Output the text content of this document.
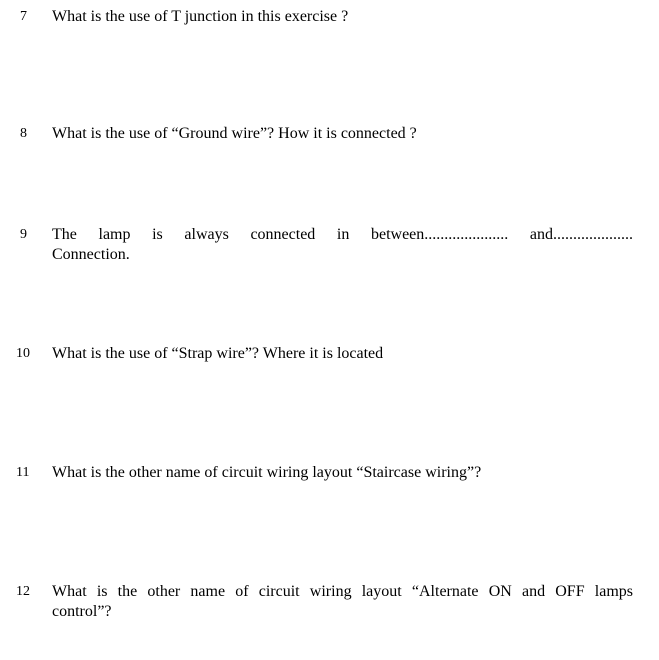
7 What is the use of T junction in this exercise ?
8 What is the use of “Ground wire”? How it is connected ?
9 The lamp is always connected in between..................... and....................
Connection.
10 What is the use of “Strap wire”? Where it is located
11 What is the other name of circuit wiring layout “Staircase wiring”?
12 What is the other name of circuit wiring layout “Alternate ON and OFF lamps
control”?
